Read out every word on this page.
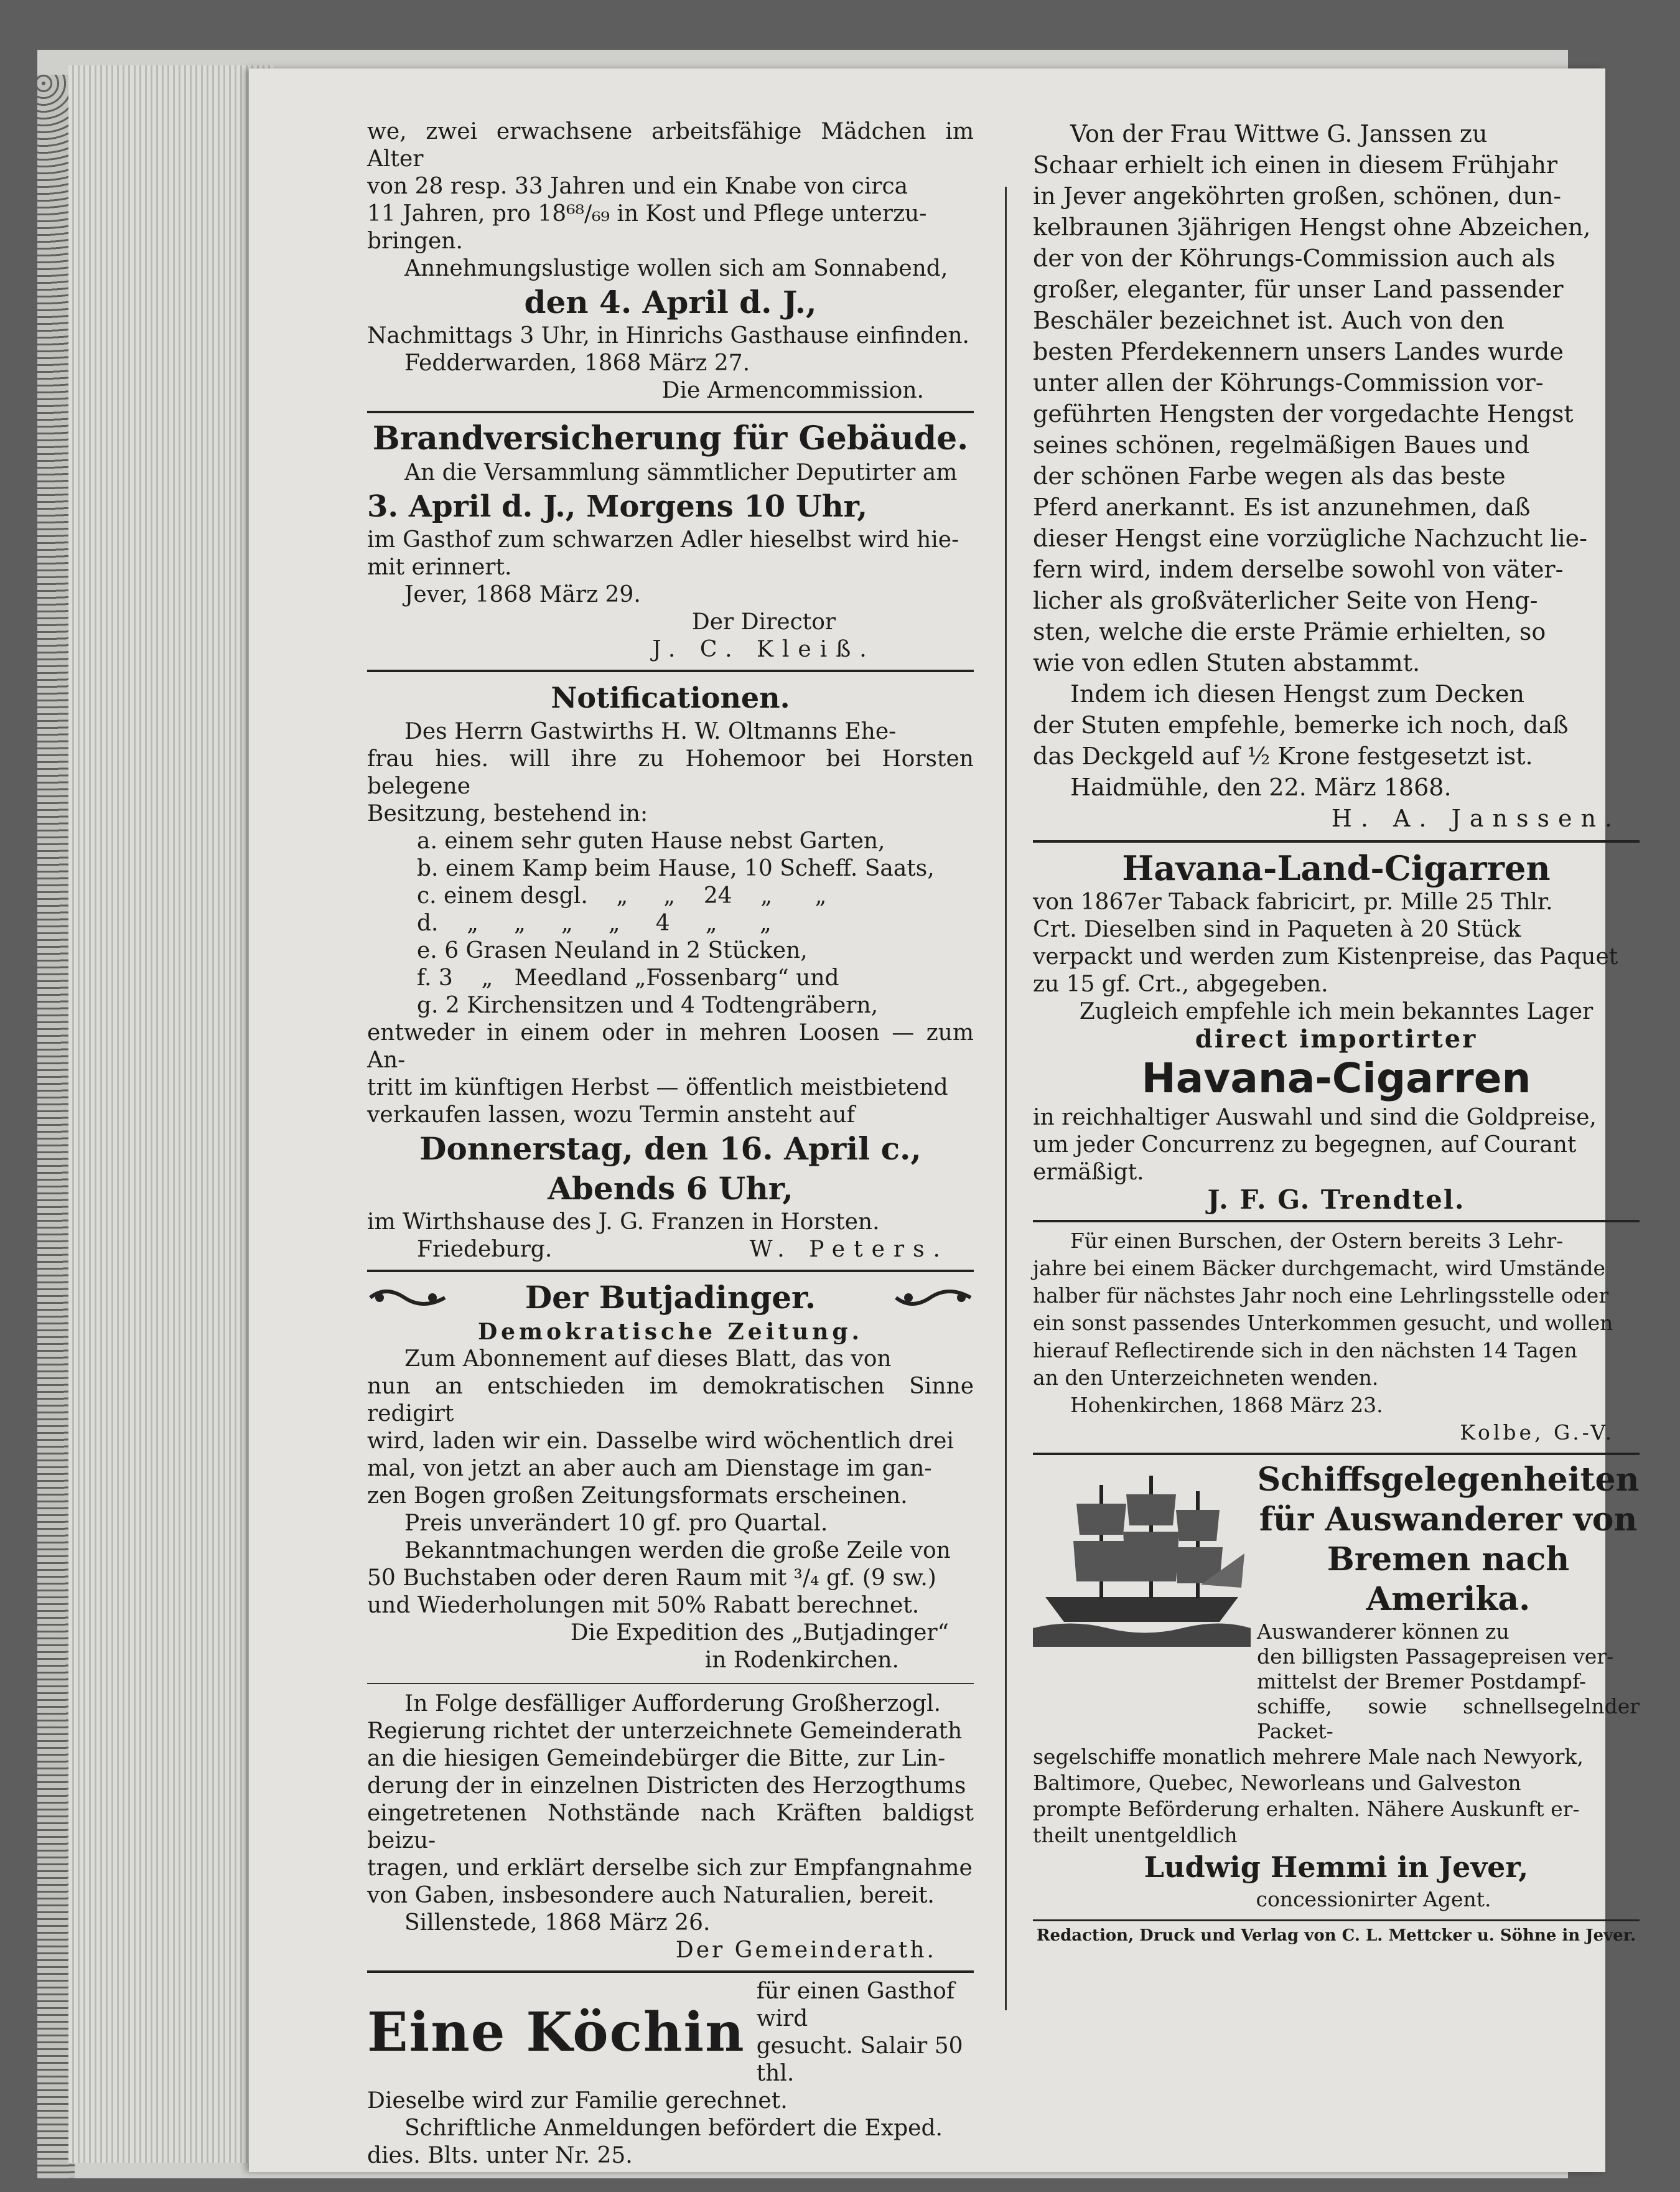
we, zwei erwachsene arbeitsfähige Mädchen im Alter

von 28 resp. 33 Jahren und ein Knabe von circa

11 Jahren, pro 18⁶⁸/₆₉ in Kost und Pflege unterzu-

bringen.

Annehmungslustige wollen sich am Sonnabend,

den 4. April d. J.,

Nachmittags 3 Uhr, in Hinrichs Gasthause einfinden.

Fedderwarden, 1868 März 27.

Die Armencommission.

Brandversicherung für Gebäude.

An die Versammlung sämmtlicher Deputirter am

3. April d. J., Morgens 10 Uhr,

im Gasthof zum schwarzen Adler hieselbst wird hie-

mit erinnert.

Jever, 1868 März 29.

Der Director

J. C. Kleiß.

Notificationen.

Des Herrn Gastwirths H. W. Oltmanns Ehe-

frau hies. will ihre zu Hohemoor bei Horsten belegene

Besitzung, bestehend in:

a. einem sehr guten Hause nebst Garten,

b. einem Kamp beim Hause, 10 Scheff. Saats,

c. einem desgl.    „     „    24    „      „

d.    „     „     „     „     4     „      „

e. 6 Grasen Neuland in 2 Stücken,

f. 3    „   Meedland „Fossenbarg“ und

g. 2 Kirchensitzen und 4 Todtengräbern,

entweder in einem oder in mehren Loosen — zum An-

tritt im künftigen Herbst — öffentlich meistbietend

verkaufen lassen, wozu Termin ansteht auf

Donnerstag, den 16. April c.,

Abends 6 Uhr,

im Wirthshause des J. G. Franzen in Horsten.

Friedeburg.	W. Peters.
Der Butjadinger.

Demokratische Zeitung.

Zum Abonnement auf dieses Blatt, das von

nun an entschieden im demokratischen Sinne redigirt

wird, laden wir ein. Dasselbe wird wöchentlich drei

mal, von jetzt an aber auch am Dienstage im gan-

zen Bogen großen Zeitungsformats erscheinen.

Preis unverändert 10 gf. pro Quartal.

Bekanntmachungen werden die große Zeile von

50 Buchstaben oder deren Raum mit ³/₄ gf. (9 sw.)

und Wiederholungen mit 50% Rabatt berechnet.

Die Expedition des „Butjadinger“

in Rodenkirchen.

In Folge desfälliger Aufforderung Großherzogl.

Regierung richtet der unterzeichnete Gemeinderath

an die hiesigen Gemeindebürger die Bitte, zur Lin-

derung der in einzelnen Districten des Herzogthums

eingetretenen Nothstände nach Kräften baldigst beizu-

tragen, und erklärt derselbe sich zur Empfangnahme

von Gaben, insbesondere auch Naturalien, bereit.

Sillenstede, 1868 März 26.

Der Gemeinderath.

Eine Köchin

für einen Gasthof wird

gesucht. Salair 50 thl.

Dieselbe wird zur Familie gerechnet.

Schriftliche Anmeldungen befördert die Exped.

dies. Blts. unter Nr. 25.

Von der Frau Wittwe G. Janssen zu

Schaar erhielt ich einen in diesem Frühjahr

in Jever angeköhrten großen, schönen, dun-

kelbraunen 3jährigen Hengst ohne Abzeichen,

der von der Köhrungs-Commission auch als

großer, eleganter, für unser Land passender

Beschäler bezeichnet ist. Auch von den

besten Pferdekennern unsers Landes wurde

unter allen der Köhrungs-Commission vor-

geführten Hengsten der vorgedachte Hengst

seines schönen, regelmäßigen Baues und

der schönen Farbe wegen als das beste

Pferd anerkannt. Es ist anzunehmen, daß

dieser Hengst eine vorzügliche Nachzucht lie-

fern wird, indem derselbe sowohl von väter-

licher als großväterlicher Seite von Heng-

sten, welche die erste Prämie erhielten, so

wie von edlen Stuten abstammt.

Indem ich diesen Hengst zum Decken

der Stuten empfehle, bemerke ich noch, daß

das Deckgeld auf ½ Krone festgesetzt ist.

Haidmühle, den 22. März 1868.

H. A. Janssen.

Havana-Land-Cigarren

von 1867er Taback fabricirt, pr. Mille 25 Thlr.

Crt. Dieselben sind in Paqueten à 20 Stück

verpackt und werden zum Kistenpreise, das Paquet

zu 15 gf. Crt., abgegeben.

Zugleich empfehle ich mein bekanntes Lager

direct importirter

Havana-Cigarren

in reichhaltiger Auswahl und sind die Goldpreise,

um jeder Concurrenz zu begegnen, auf Courant

ermäßigt.

J. F. G. Trendtel.

Für einen Burschen, der Ostern bereits 3 Lehr-

jahre bei einem Bäcker durchgemacht, wird Umstände

halber für nächstes Jahr noch eine Lehrlingsstelle oder

ein sonst passendes Unterkommen gesucht, und wollen

hierauf Reflectirende sich in den nächsten 14 Tagen

an den Unterzeichneten wenden.

Hohenkirchen, 1868 März 23.

Kolbe, G.-V.

Schiffsgelegenheiten

für Auswanderer von

Bremen nach Amerika.

Auswanderer können zu

den billigsten Passagepreisen ver-

mittelst der Bremer Postdampf-

schiffe, sowie schnellsegelnder Packet-

segelschiffe monatlich mehrere Male nach Newyork,

Baltimore, Quebec, Neworleans und Galveston

prompte Beförderung erhalten. Nähere Auskunft er-

theilt unentgeldlich

Ludwig Hemmi in Jever,

concessionirter Agent.

Redaction, Druck und Verlag von C. L. Mettcker u. Söhne in Jever.
